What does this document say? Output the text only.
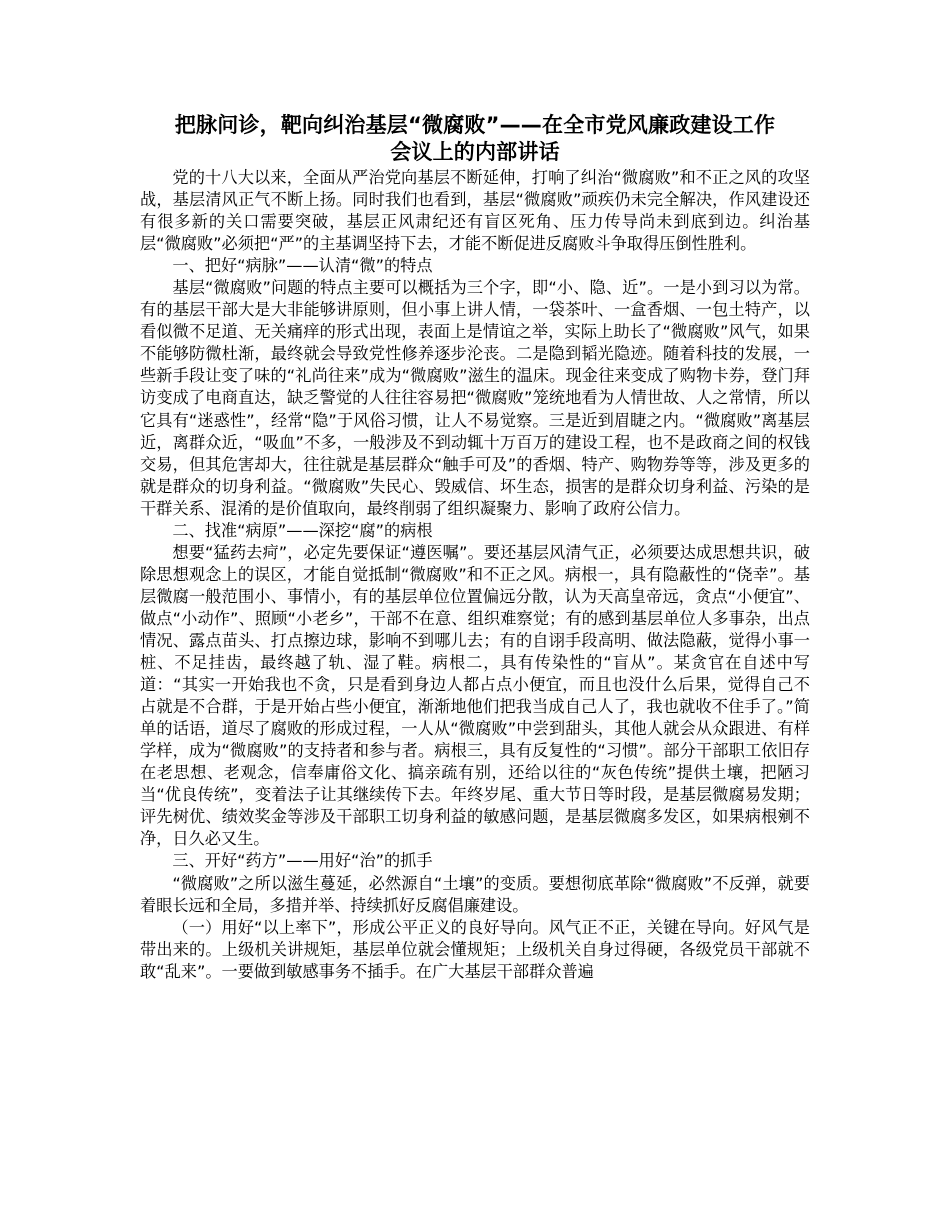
把脉问诊，靶向纠治基层“微腐败”——在全市党风廉政建设工作
会议上的内部讲话

党的十八大以来，全面从严治党向基层不断延伸，打响了纠治“微腐败”和不正之风的攻坚战，基层清风正气不断上扬。同时我们也看到，基层“微腐败”顽疾仍未完全解决，作风建设还有很多新的关口需要突破，基层正风肃纪还有盲区死角、压力传导尚未到底到边。纠治基层“微腐败”必须把“严”的主基调坚持下去，才能不断促进反腐败斗争取得压倒性胜利。

一、把好“病脉”——认清“微”的特点

基层“微腐败”问题的特点主要可以概括为三个字，即“小、隐、近”。一是小到习以为常。有的基层干部大是大非能够讲原则，但小事上讲人情，一袋茶叶、一盒香烟、一包土特产，以看似微不足道、无关痛痒的形式出现，表面上是情谊之举，实际上助长了“微腐败”风气，如果不能够防微杜渐，最终就会导致党性修养逐步沦丧。二是隐到韬光隐迹。随着科技的发展，一些新手段让变了味的“礼尚往来”成为“微腐败”滋生的温床。现金往来变成了购物卡券，登门拜访变成了电商直达，缺乏警觉的人往往容易把“微腐败”笼统地看为人情世故、人之常情，所以它具有“迷惑性”，经常“隐”于风俗习惯，让人不易觉察。三是近到眉睫之内。“微腐败”离基层近，离群众近，“吸血”不多，一般涉及不到动辄十万百万的建设工程，也不是政商之间的权钱交易，但其危害却大，往往就是基层群众“触手可及”的香烟、特产、购物券等等，涉及更多的就是群众的切身利益。“微腐败”失民心、毁威信、坏生态，损害的是群众切身利益、污染的是干群关系、混淆的是价值取向，最终削弱了组织凝聚力、影响了政府公信力。

二、找准“病原”——深挖“腐”的病根

想要“猛药去疴”，必定先要保证“遵医嘱”。要还基层风清气正，必须要达成思想共识，破除思想观念上的误区，才能自觉抵制“微腐败”和不正之风。病根一，具有隐蔽性的“侥幸”。基层微腐一般范围小、事情小，有的基层单位位置偏远分散，认为天高皇帝远，贪点“小便宜”、做点“小动作”、照顾“小老乡”，干部不在意、组织难察觉；有的感到基层单位人多事杂，出点情况、露点苗头、打点擦边球，影响不到哪儿去；有的自诩手段高明、做法隐蔽，觉得小事一桩、不足挂齿，最终越了轨、湿了鞋。病根二，具有传染性的“盲从”。某贪官在自述中写道：“其实一开始我也不贪，只是看到身边人都占点小便宜，而且也没什么后果，觉得自己不占就是不合群，于是开始占些小便宜，渐渐地他们把我当成自己人了，我也就收不住手了。”简单的话语，道尽了腐败的形成过程，一人从“微腐败”中尝到甜头，其他人就会从众跟进、有样学样，成为“微腐败”的支持者和参与者。病根三，具有反复性的“习惯”。部分干部职工依旧存在老思想、老观念，信奉庸俗文化、搞亲疏有别，还给以往的“灰色传统”提供土壤，把陋习当“优良传统”，变着法子让其继续传下去。年终岁尾、重大节日等时段，是基层微腐易发期；评先树优、绩效奖金等涉及干部职工切身利益的敏感问题，是基层微腐多发区，如果病根剜不净，日久必又生。

三、开好“药方”——用好“治”的抓手

“微腐败”之所以滋生蔓延，必然源自“土壤”的变质。要想彻底革除“微腐败”不反弹，就要着眼长远和全局，多措并举、持续抓好反腐倡廉建设。

（一）用好“以上率下”，形成公平正义的良好导向。风气正不正，关键在导向。好风气是带出来的。上级机关讲规矩，基层单位就会懂规矩；上级机关自身过得硬，各级党员干部就不敢“乱来”。一要做到敏感事务不插手。在广大基层干部群众普遍
